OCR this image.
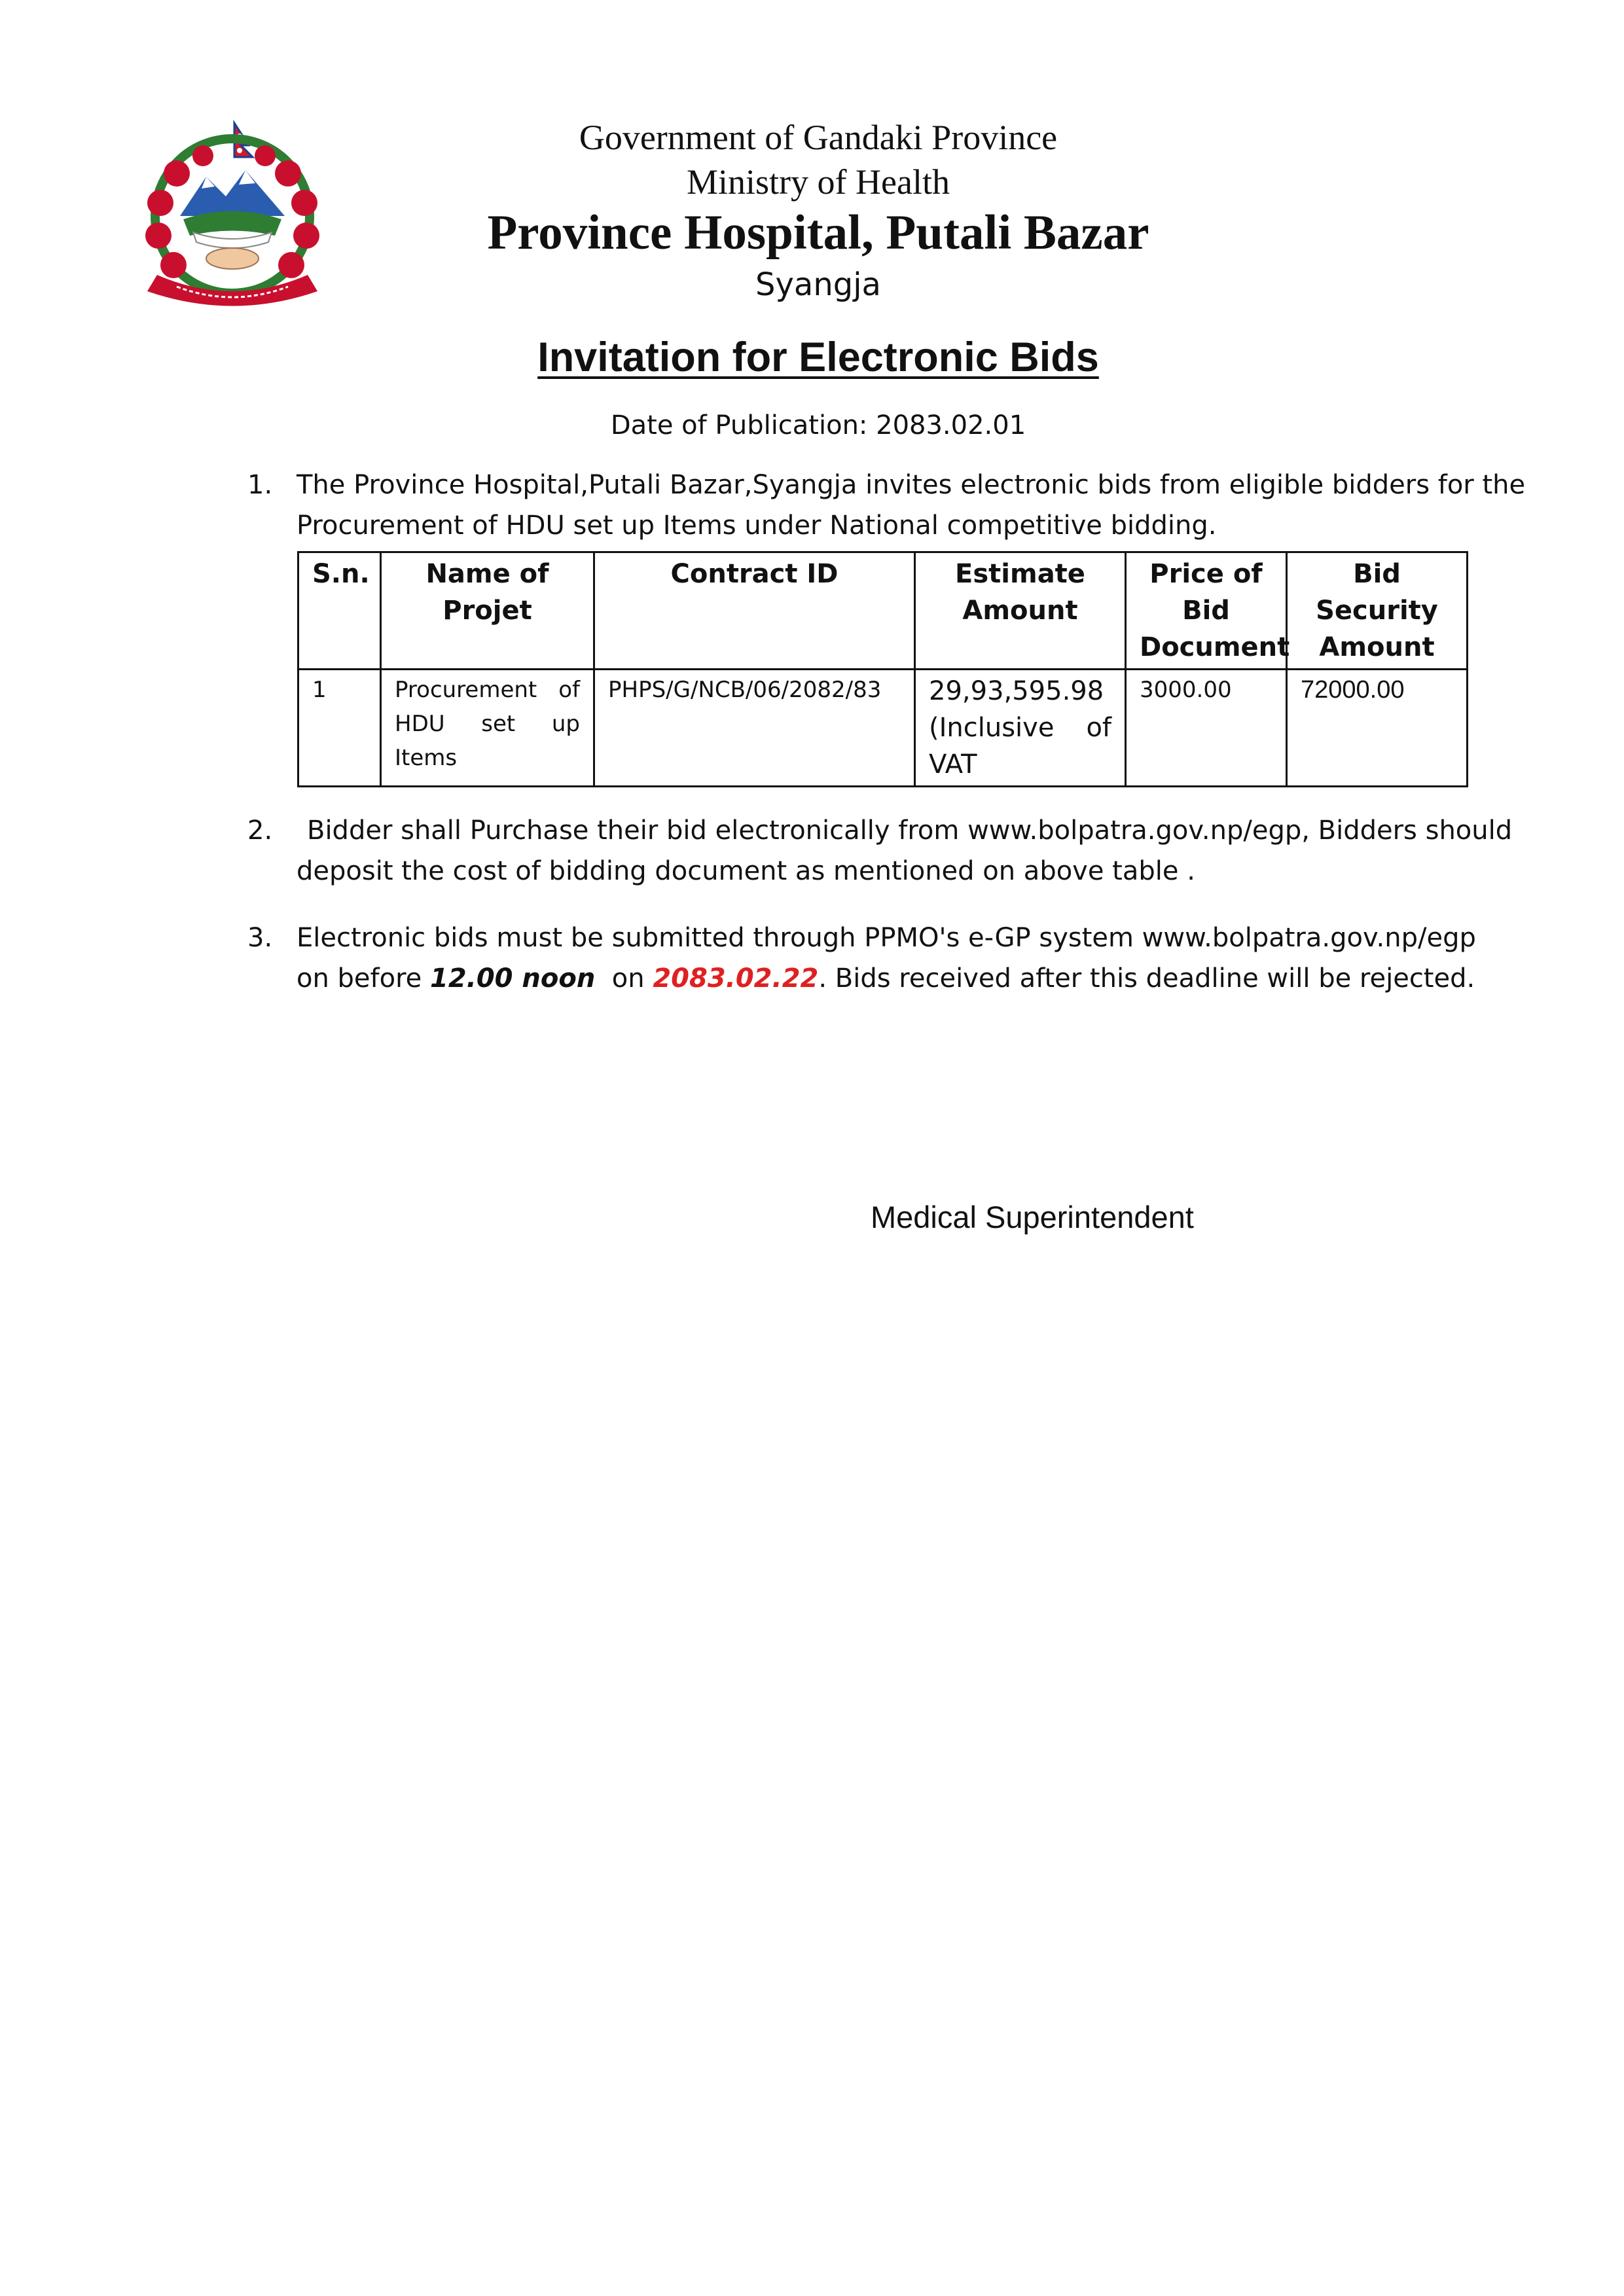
Government of Gandaki Province
Ministry of Health
Province Hospital, Putali Bazar
Syangja
Invitation for Electronic Bids
Date of Publication: 2083.02.01
1. The Province Hospital,Putali Bazar,Syangja invites electronic bids from eligible bidders for the
Procurement of HDU set up Items under National competitive bidding.
S.n.	Name of Projet	Contract ID	Estimate Amount	Price of Bid Document	Bid Security Amount
1	Procurement of HDU set up Items	PHPS/G/NCB/06/2082/83	29,93,595.98 (Inclusive of VAT	3000.00	72000.00
2.	Bidder shall Purchase their bid electronically from www.bolpatra.gov.np/egp, Bidders should
deposit the cost of bidding document as mentioned on above table .
3. Electronic bids must be submitted through PPMO's e-GP system www.bolpatra.gov.np/egp
on before 12.00 noon  on 2083.02.22. Bids received after this deadline will be rejected.
Medical Superintendent
